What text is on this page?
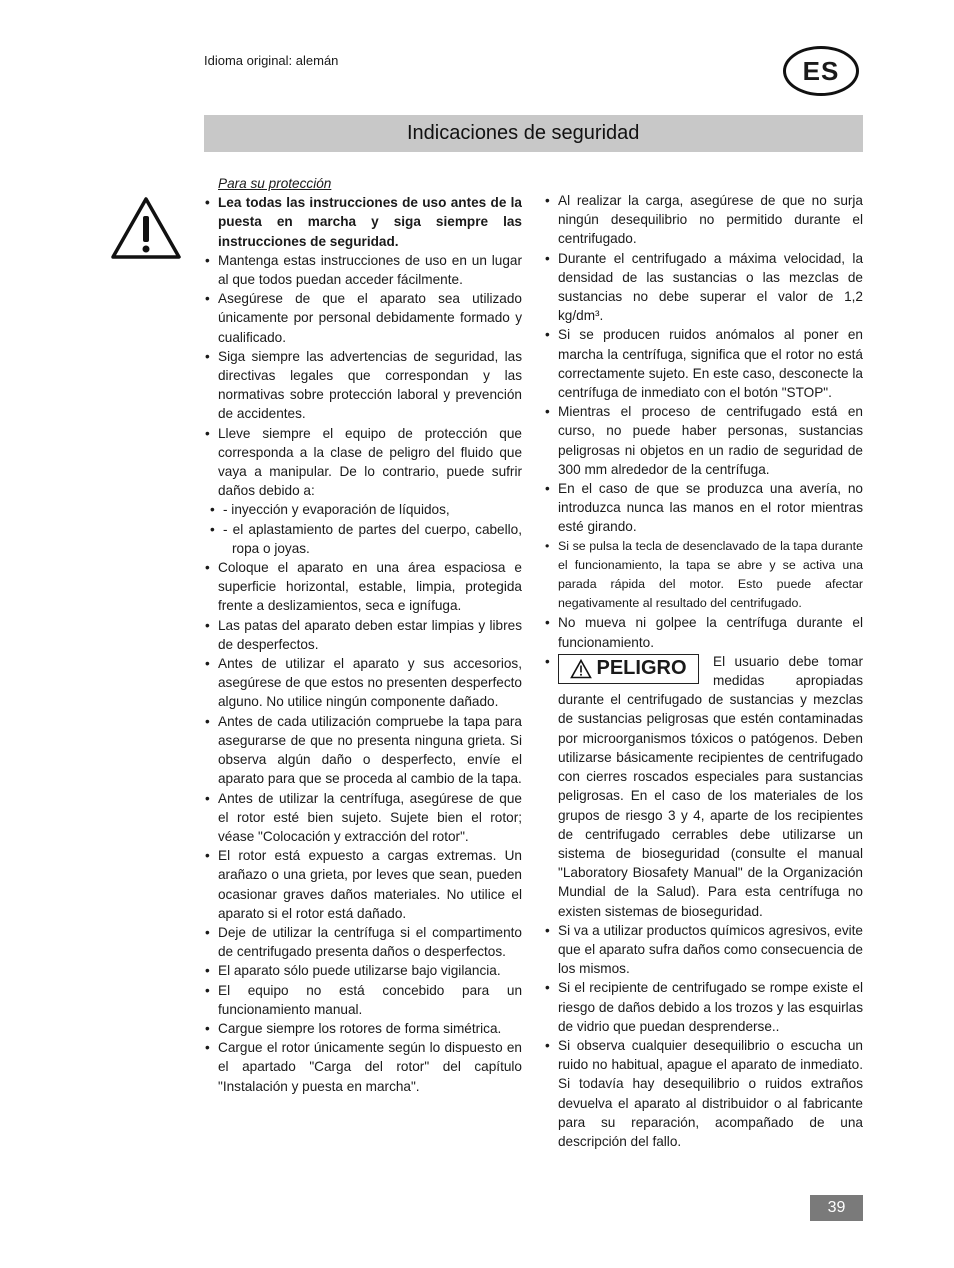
Idioma original: alemán	ES
Indicaciones de seguridad
Para su protección
• Lea todas las instrucciones de uso antes de la puesta en marcha y siga siempre las instrucciones de seguridad.
• Mantenga estas instrucciones de uso en un lugar al que todos puedan acceder fácilmente.
• Asegúrese de que el aparato sea utilizado únicamente por personal debidamente formado y cualificado.
• Siga siempre las advertencias de seguridad, las directivas legales que correspondan y las normativas sobre protección laboral y prevención de accidentes.
• Lleve siempre el equipo de protección que corresponda a la clase de peligro del fluido que vaya a manipular. De lo contrario, puede sufrir daños debido a:
• - inyección y evaporación de líquidos,
• - el aplastamiento de partes del cuerpo, cabello, ropa o joyas.
• Coloque el aparato en una área espaciosa e superficie horizontal, estable, limpia, protegida frente a deslizamientos, seca e ignífuga.
• Las patas del aparato deben estar limpias y libres de desperfectos.
• Antes de utilizar el aparato y sus accesorios, asegúrese de que estos no presenten desperfecto alguno. No utilice ningún componente dañado.
• Antes de cada utilización compruebe la tapa para asegurarse de que no presenta ninguna grieta. Si observa algún daño o desperfecto, envíe el aparato para que se proceda al cambio de la tapa.
• Antes de utilizar la centrífuga, asegúrese de que el rotor esté bien sujeto. Sujete bien el rotor; véase "Colocación y extracción del rotor".
• El rotor está expuesto a cargas extremas. Un arañazo o una grieta, por leves que sean, pueden ocasionar graves daños materiales. No utilice el aparato si el rotor está dañado.
• Deje de utilizar la centrífuga si el compartimento de centrifugado presenta daños o desperfectos.
• El aparato sólo puede utilizarse bajo vigilancia.
• El equipo no está concebido para un funcionamiento manual.
• Cargue siempre los rotores de forma simétrica.
• Cargue el rotor únicamente según lo dispuesto en el apartado "Carga del rotor" del capítulo "Instalación y puesta en marcha".
• Al realizar la carga, asegúrese de que no surja ningún desequilibrio no permitido durante el centrifugado.
• Durante el centrifugado a máxima velocidad, la densidad de las sustancias o las mezclas de sustancias no debe superar el valor de 1,2 kg/dm³.
• Si se producen ruidos anómalos al poner en marcha la centrífuga, significa que el rotor no está correctamente sujeto. En este caso, desconecte la centrífuga de inmediato con el botón "STOP".
• Mientras el proceso de centrifugado está en curso, no puede haber personas, sustancias peligrosas ni objetos en un radio de seguridad de 300 mm alrededor de la centrífuga.
• En el caso de que se produzca una avería, no introduzca nunca las manos en el rotor mientras esté girando.
• Si se pulsa la tecla de desenclavado de la tapa durante el funcionamiento, la tapa se abre y se activa una parada rápida del motor. Esto puede afectar negativamente al resultado del centrifugado.
• No mueva ni golpee la centrífuga durante el funcionamiento.
PELIGRO
•	El usuario debe tomar medidas apropiadas durante el centrifugado de sustancias y mezclas de sustancias peligrosas que estén contaminadas por microorganismos tóxicos o patógenos. Deben utilizarse básicamente recipientes de centrifugado con cierres roscados especiales para sustancias peligrosas. En el caso de los materiales de los grupos de riesgo 3 y 4, aparte de los recipientes de centrifugado cerrables debe utilizarse un sistema de bioseguridad (consulte el manual "Laboratory Biosafety Manual" de la Organización Mundial de la Salud). Para esta centrífuga no existen sistemas de bioseguridad.
• Si va a utilizar productos químicos agresivos, evite que el aparato sufra daños como consecuencia de los mismos.
• Si el recipiente de centrifugado se rompe existe el riesgo de daños debido a los trozos y las esquirlas de vidrio que puedan desprenderse..
• Si observa cualquier desequilibrio o escucha un ruido no habitual, apague el aparato de inmediato. Si todavía hay desequilibrio o ruidos extraños devuelva el aparato al distribuidor o al fabricante para su reparación, acompañado de una descripción del fallo.
39
